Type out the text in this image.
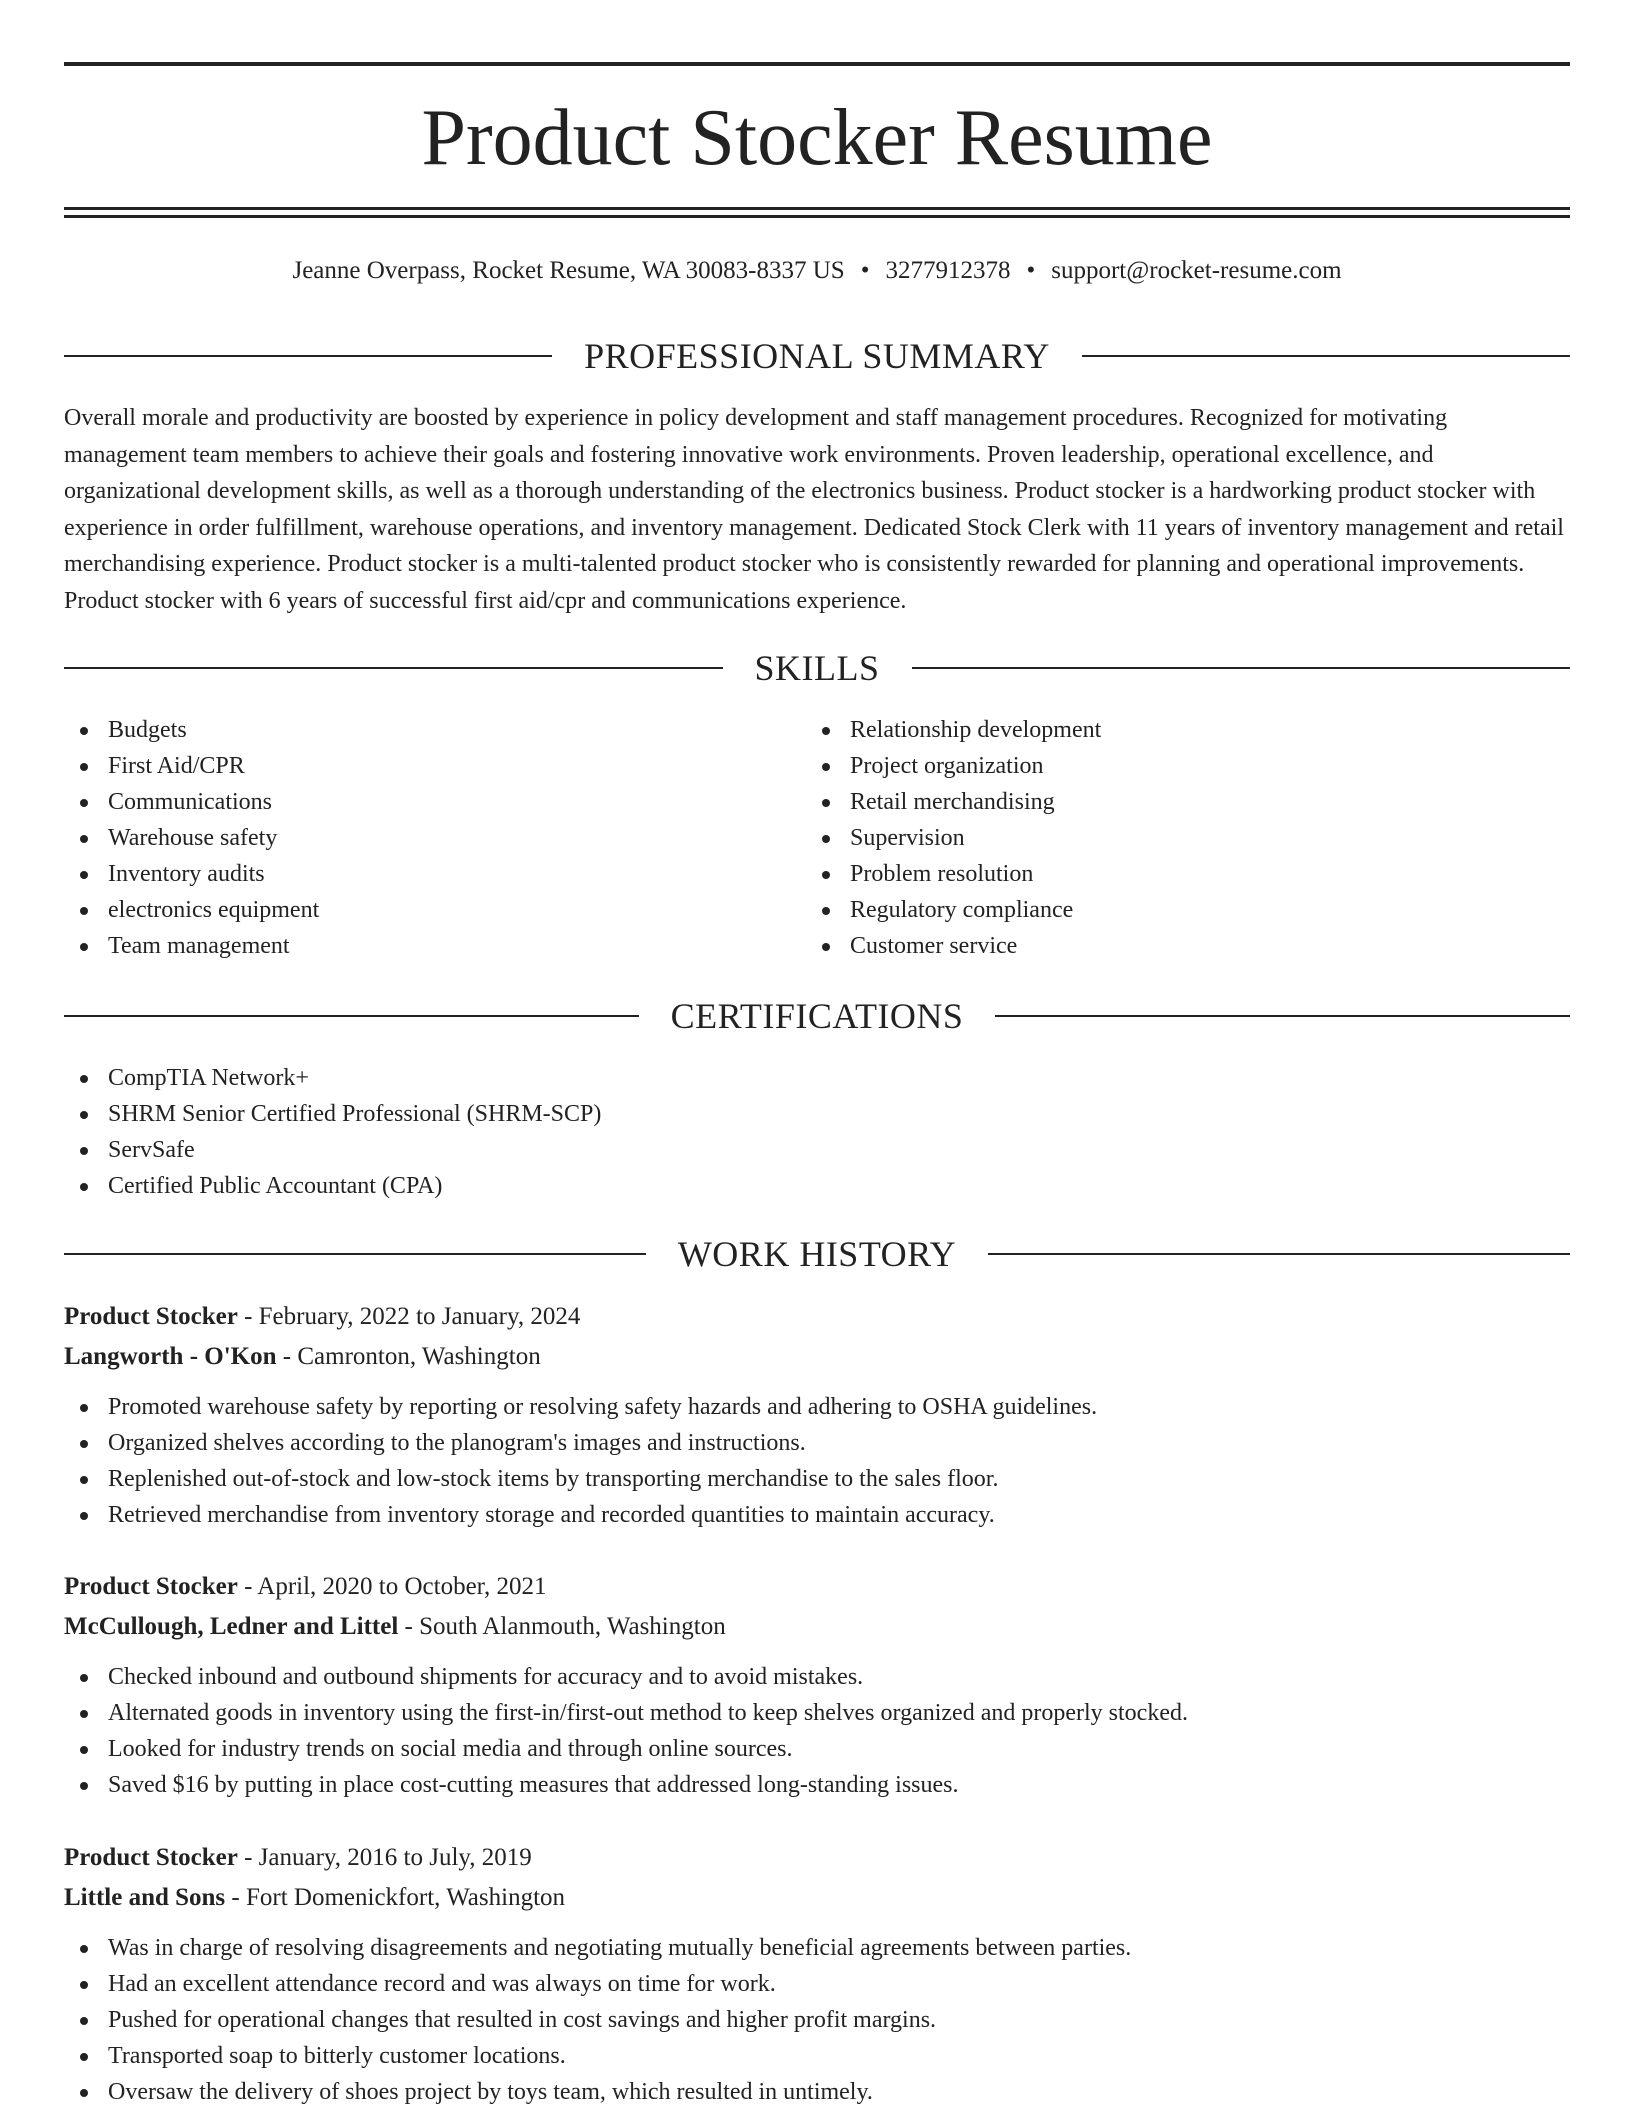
Product Stocker Resume
Jeanne Overpass, Rocket Resume, WA 30083-8337 US • 3277912378 • support@rocket-resume.com
PROFESSIONAL SUMMARY

Overall morale and productivity are boosted by experience in policy development and staff management procedures. Recognized for motivating management team members to achieve their goals and fostering innovative work environments. Proven leadership, operational excellence, and organizational development skills, as well as a thorough understanding of the electronics business. Product stocker is a hardworking product stocker with experience in order fulfillment, warehouse operations, and inventory management. Dedicated Stock Clerk with 11 years of inventory management and retail merchandising experience. Product stocker is a multi-talented product stocker who is consistently rewarded for planning and operational improvements. Product stocker with 6 years of successful first aid/cpr and communications experience.

SKILLS
Budgets
First Aid/CPR
Communications
Warehouse safety
Inventory audits
electronics equipment
Team management
Relationship development
Project organization
Retail merchandising
Supervision
Problem resolution
Regulatory compliance
Customer service
CERTIFICATIONS
CompTIA Network+
SHRM Senior Certified Professional (SHRM-SCP)
ServSafe
Certified Public Accountant (CPA)
WORK HISTORY
Product Stocker - February, 2022 to January, 2024
Langworth - O'Kon - Camronton, Washington
Promoted warehouse safety by reporting or resolving safety hazards and adhering to OSHA guidelines.
Organized shelves according to the planogram's images and instructions.
Replenished out-of-stock and low-stock items by transporting merchandise to the sales floor.
Retrieved merchandise from inventory storage and recorded quantities to maintain accuracy.
Product Stocker - April, 2020 to October, 2021
McCullough, Ledner and Littel - South Alanmouth, Washington
Checked inbound and outbound shipments for accuracy and to avoid mistakes.
Alternated goods in inventory using the first-in/first-out method to keep shelves organized and properly stocked.
Looked for industry trends on social media and through online sources.
Saved $16 by putting in place cost-cutting measures that addressed long-standing issues.
Product Stocker - January, 2016 to July, 2019
Little and Sons - Fort Domenickfort, Washington
Was in charge of resolving disagreements and negotiating mutually beneficial agreements between parties.
Had an excellent attendance record and was always on time for work.
Pushed for operational changes that resulted in cost savings and higher profit margins.
Transported soap to bitterly customer locations.
Oversaw the delivery of shoes project by toys team, which resulted in untimely.
